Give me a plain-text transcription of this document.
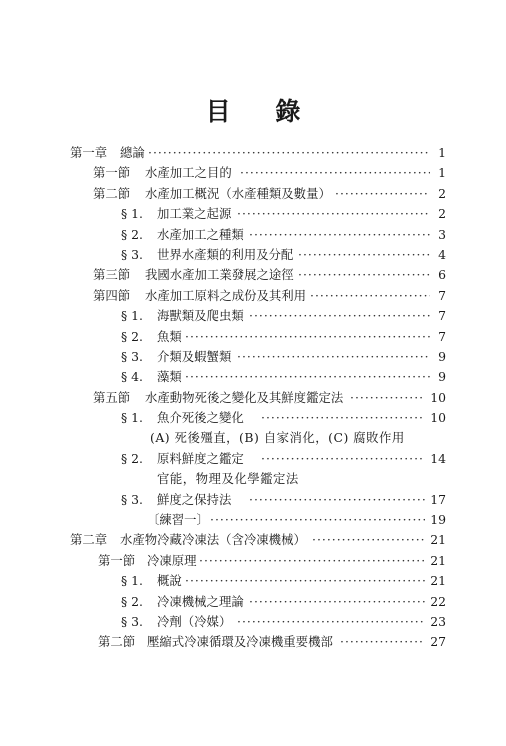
目 錄
第一章 總論 ·····	1
第一節 水產加工之目的 ·····	1
第二節 水產加工概況（水產種類及數量） ·····	2
§ 1. 加工業之起源 ·····	2
§ 2. 水產加工之種類 ·····	3
§ 3. 世界水產類的利用及分配 ·····	4
第三節 我國水產加工業發展之途徑 ·····	6
第四節 水產加工原料之成份及其利用 ·····	7
§ 1. 海獸類及爬虫類 ·····	7
§ 2. 魚類 ·····	7
§ 3. 介類及蝦蟹類 ·····	9
§ 4. 藻類 ·····	9
第五節 水產動物死後之變化及其鮮度鑑定法 ·····	10
§ 1. 魚介死後之變化 ·····	10
(A) 死後殭直，(B) 自家消化，(C) 腐敗作用
§ 2. 原料鮮度之鑑定 ·····	14
官能，物理及化學鑑定法
§ 3. 鮮度之保持法 ·····	17
〔練習一〕 ·····	19
第二章 水產物冷藏冷凍法（含冷凍機械） ·····	21
第一節 冷凍原理 ·····	21
§ 1. 概說 ·····	21
§ 2. 冷凍機械之理論 ·····	22
§ 3. 冷劑（冷媒） ·····	23
第二節 壓縮式冷凍循環及冷凍機重要機部 ·····	27
